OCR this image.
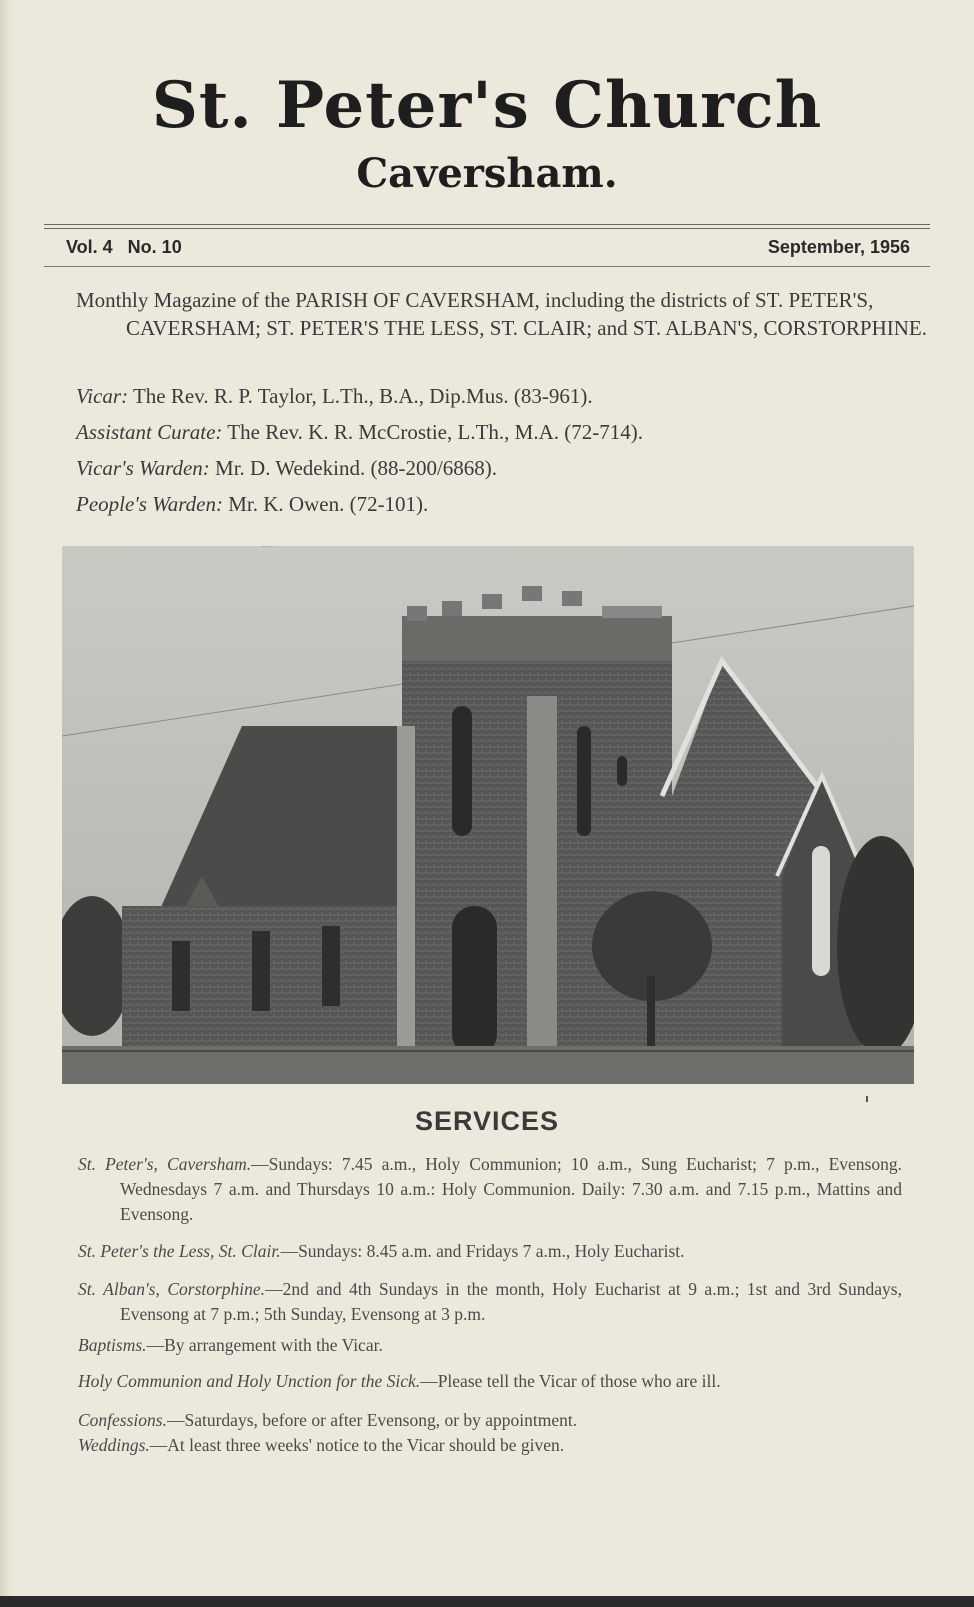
St. Peter's Church
Caversham.
Vol. 4   No. 10	September, 1956
Monthly Magazine of the PARISH OF CAVERSHAM, including the districts of ST. PETER'S, CAVERSHAM; ST. PETER'S THE LESS, ST. CLAIR; and ST. ALBAN'S, CORSTORPHINE.
Vicar: The Rev. R. P. Taylor, L.Th., B.A., Dip.Mus. (83-961).
Assistant Curate: The Rev. K. R. McCrostie, L.Th., M.A. (72-714).
Vicar's Warden: Mr. D. Wedekind. (88-200/6868).
People's Warden: Mr. K. Owen. (72-101).
SERVICES
St. Peter's, Caversham.—Sundays: 7.45 a.m., Holy Communion; 10 a.m., Sung Eucharist; 7 p.m., Evensong. Wednesdays 7 a.m. and Thursdays 10 a.m.: Holy Communion. Daily: 7.30 a.m. and 7.15 p.m., Mattins and Evensong.
St. Peter's the Less, St. Clair.—Sundays: 8.45 a.m. and Fridays 7 a.m., Holy Eucharist.
St. Alban's, Corstorphine.—2nd and 4th Sundays in the month, Holy Eucharist at 9 a.m.; 1st and 3rd Sundays, Evensong at 7 p.m.; 5th Sunday, Evensong at 3 p.m.
Baptisms.—By arrangement with the Vicar.
Holy Communion and Holy Unction for the Sick.—Please tell the Vicar of those who are ill.
Confessions.—Saturdays, before or after Evensong, or by appointment.
Weddings.—At least three weeks' notice to the Vicar should be given.
